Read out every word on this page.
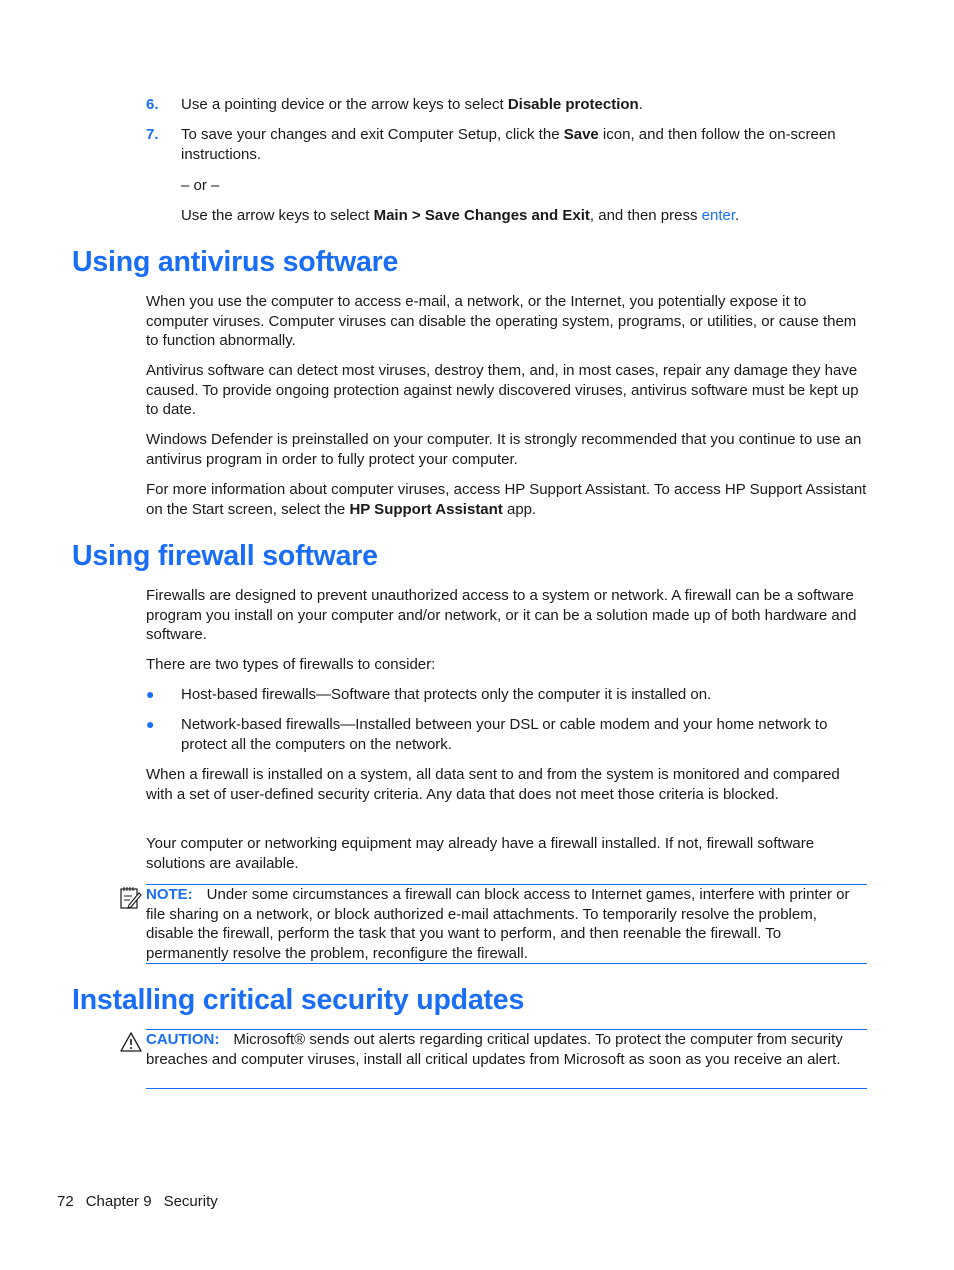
6. Use a pointing device or the arrow keys to select Disable protection.
7. To save your changes and exit Computer Setup, click the Save icon, and then follow the on-screen instructions.
– or –
Use the arrow keys to select Main > Save Changes and Exit, and then press enter.
Using antivirus software
When you use the computer to access e-mail, a network, or the Internet, you potentially expose it to computer viruses. Computer viruses can disable the operating system, programs, or utilities, or cause them to function abnormally.
Antivirus software can detect most viruses, destroy them, and, in most cases, repair any damage they have caused. To provide ongoing protection against newly discovered viruses, antivirus software must be kept up to date.
Windows Defender is preinstalled on your computer. It is strongly recommended that you continue to use an antivirus program in order to fully protect your computer.
For more information about computer viruses, access HP Support Assistant. To access HP Support Assistant on the Start screen, select the HP Support Assistant app.
Using firewall software
Firewalls are designed to prevent unauthorized access to a system or network. A firewall can be a software program you install on your computer and/or network, or it can be a solution made up of both hardware and software.
There are two types of firewalls to consider:
● Host-based firewalls—Software that protects only the computer it is installed on.
● Network-based firewalls—Installed between your DSL or cable modem and your home network to protect all the computers on the network.
When a firewall is installed on a system, all data sent to and from the system is monitored and compared with a set of user-defined security criteria. Any data that does not meet those criteria is blocked.
Your computer or networking equipment may already have a firewall installed. If not, firewall software solutions are available.
NOTE: Under some circumstances a firewall can block access to Internet games, interfere with printer or file sharing on a network, or block authorized e-mail attachments. To temporarily resolve the problem, disable the firewall, perform the task that you want to perform, and then reenable the firewall. To permanently resolve the problem, reconfigure the firewall.
Installing critical security updates
CAUTION: Microsoft® sends out alerts regarding critical updates. To protect the computer from security breaches and computer viruses, install all critical updates from Microsoft as soon as you receive an alert.
72 Chapter 9 Security
